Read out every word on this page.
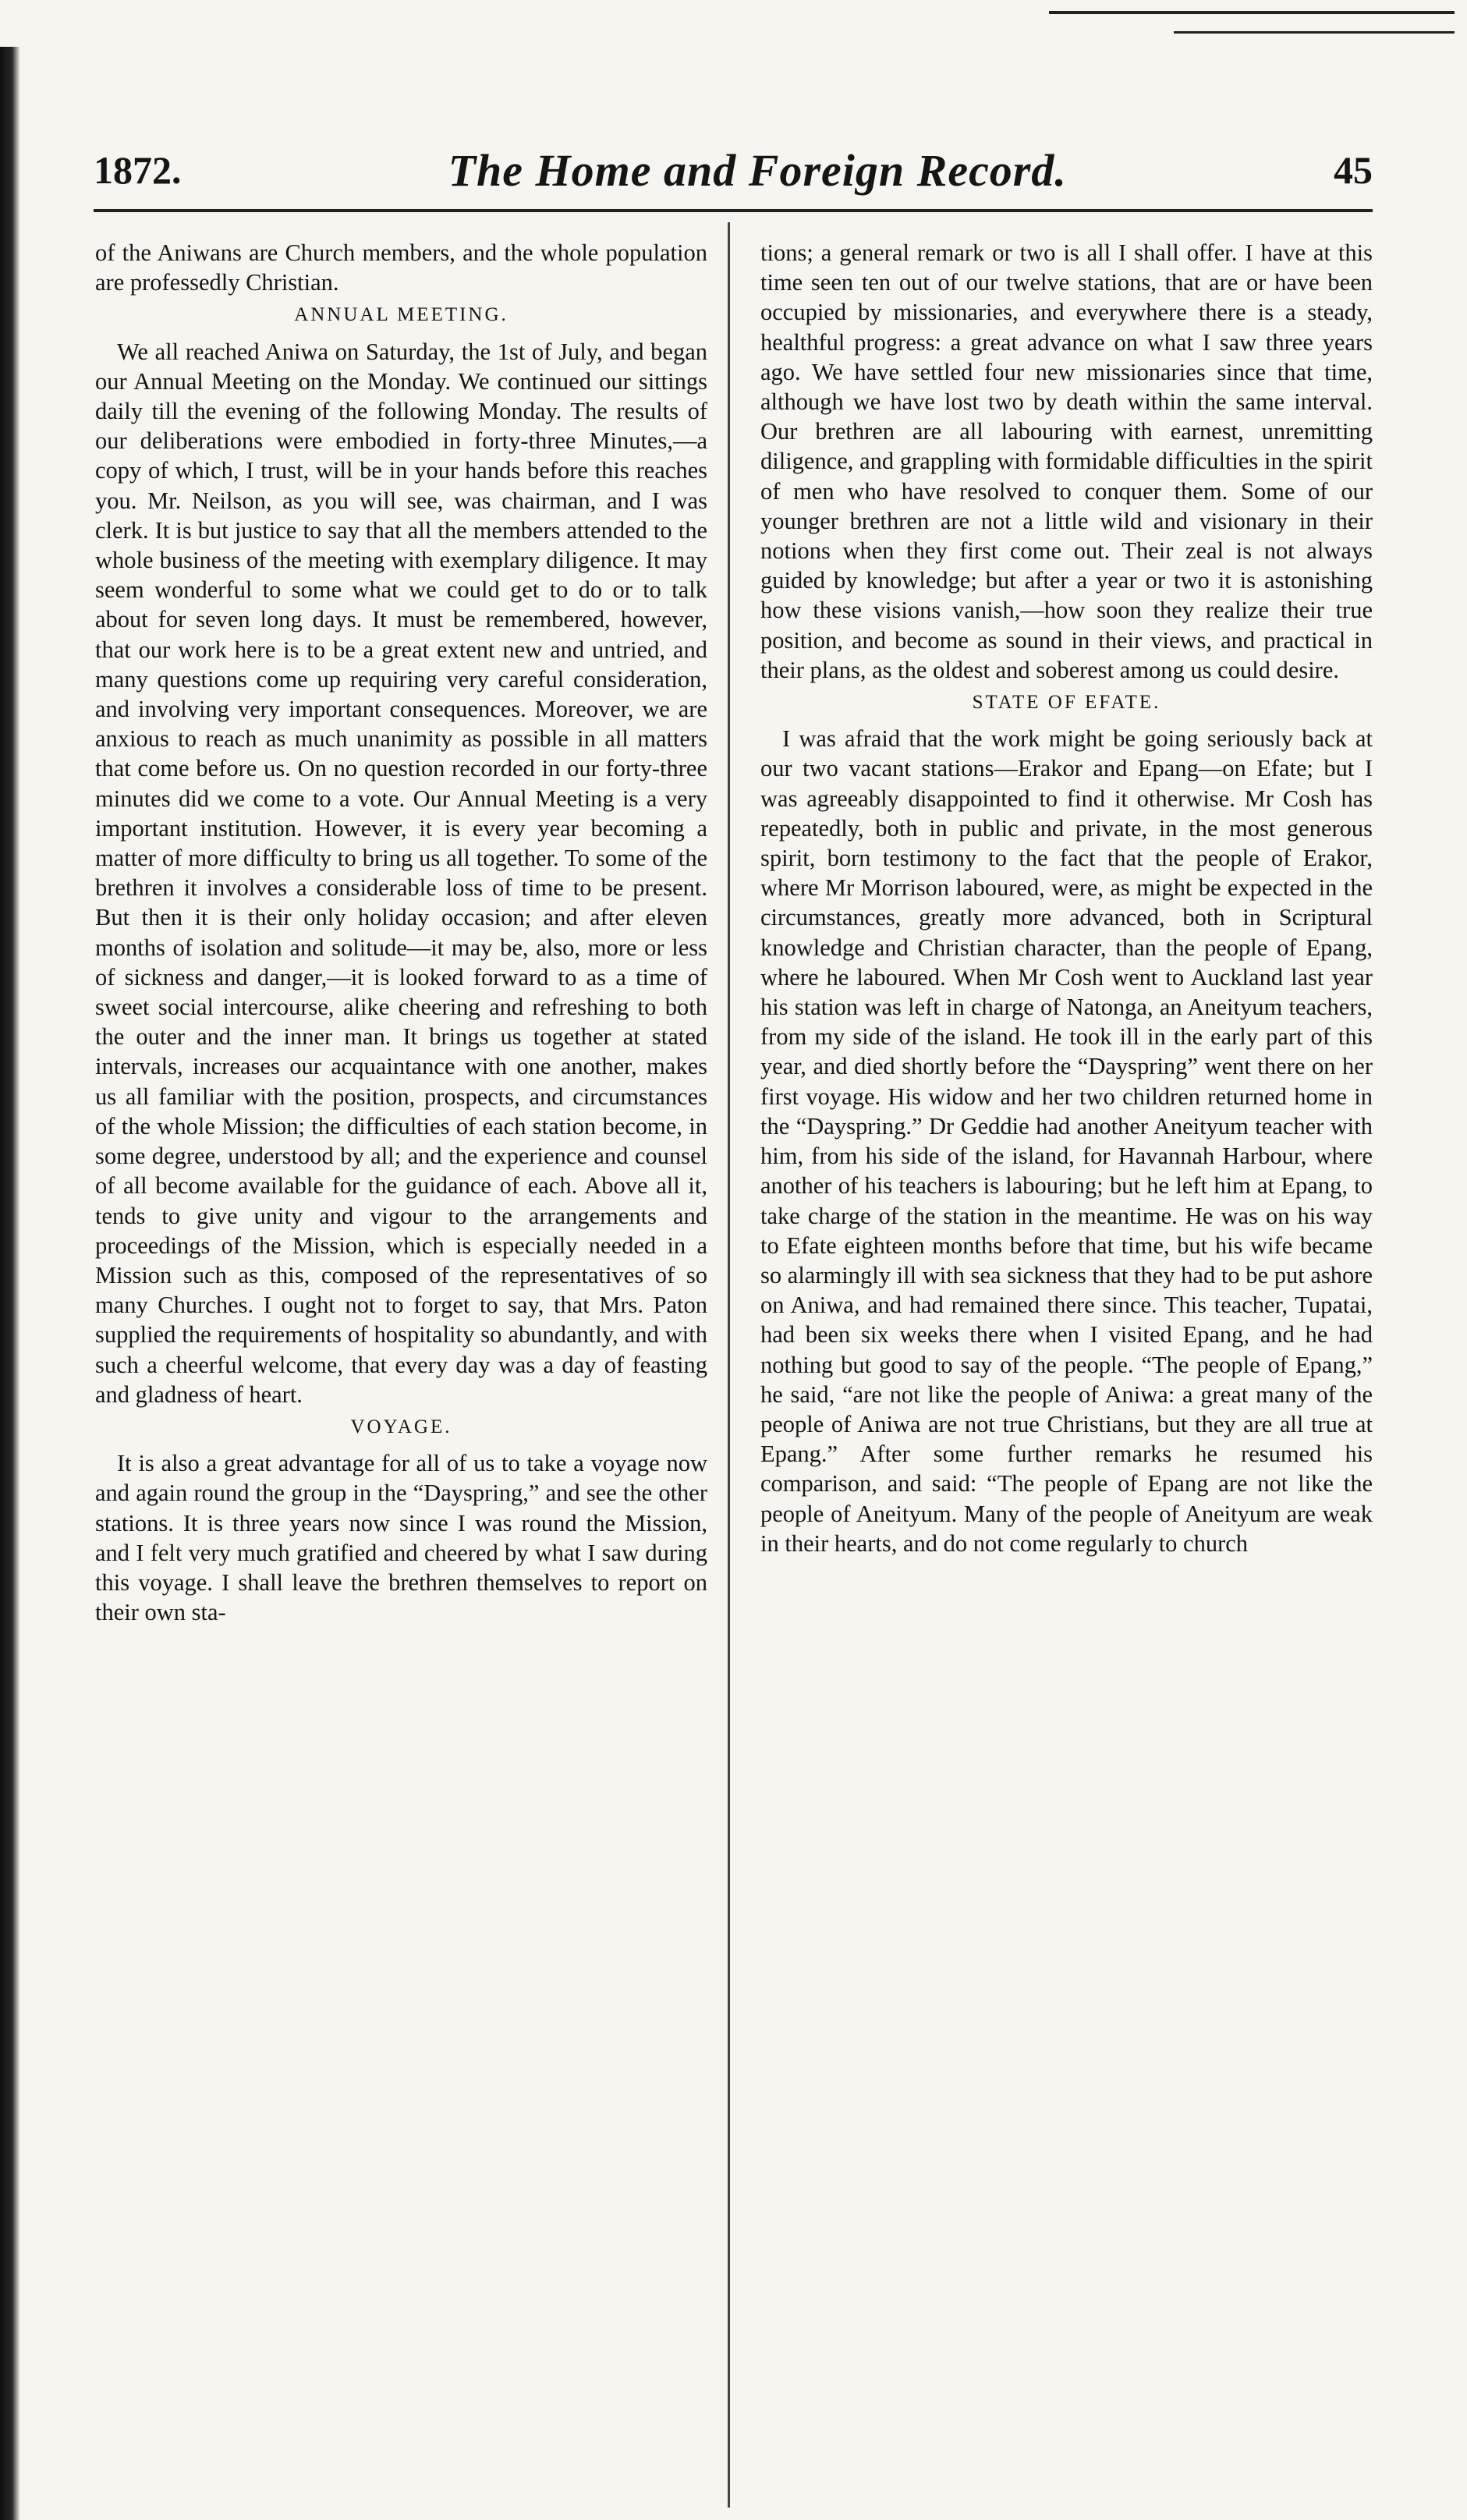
1872.	The Home and Foreign Record.	45

of the Aniwans are Church members, and the whole population are professedly Christian.

ANNUAL MEETING.

We all reached Aniwa on Saturday, the 1st of July, and began our Annual Meeting on the Monday. We continued our sittings daily till the evening of the following Monday. The results of our deliberations were embodied in forty-three Minutes,—a copy of which, I trust, will be in your hands before this reaches you. Mr. Neilson, as you will see, was chairman, and I was clerk. It is but justice to say that all the members attended to the whole business of the meeting with exemplary diligence. It may seem wonderful to some what we could get to do or to talk about for seven long days. It must be remembered, however, that our work here is to be a great extent new and untried, and many questions come up requiring very careful consideration, and involving very important consequences. Moreover, we are anxious to reach as much unanimity as possible in all matters that come before us. On no question recorded in our forty-three minutes did we come to a vote. Our Annual Meeting is a very important institution. However, it is every year becoming a matter of more difficulty to bring us all together. To some of the brethren it involves a considerable loss of time to be present. But then it is their only holiday occasion; and after eleven months of isolation and solitude—it may be, also, more or less of sickness and danger,—it is looked forward to as a time of sweet social intercourse, alike cheering and refreshing to both the outer and the inner man. It brings us together at stated intervals, increases our acquaintance with one another, makes us all familiar with the position, prospects, and circumstances of the whole Mission; the difficulties of each station become, in some degree, understood by all; and the experience and counsel of all become available for the guidance of each. Above all it, tends to give unity and vigour to the arrangements and proceedings of the Mission, which is especially needed in a Mission such as this, composed of the representatives of so many Churches. I ought not to forget to say, that Mrs. Paton supplied the requirements of hospitality so abundantly, and with such a cheerful welcome, that every day was a day of feasting and gladness of heart.

VOYAGE.

It is also a great advantage for all of us to take a voyage now and again round the group in the “Dayspring,” and see the other stations. It is three years now since I was round the Mission, and I felt very much gratified and cheered by what I saw during this voyage. I shall leave the brethren themselves to report on their own sta-

tions; a general remark or two is all I shall offer. I have at this time seen ten out of our twelve stations, that are or have been occupied by missionaries, and everywhere there is a steady, healthful progress: a great advance on what I saw three years ago. We have settled four new missionaries since that time, although we have lost two by death within the same interval. Our brethren are all labouring with earnest, unremitting diligence, and grappling with formidable difficulties in the spirit of men who have resolved to conquer them. Some of our younger brethren are not a little wild and visionary in their notions when they first come out. Their zeal is not always guided by knowledge; but after a year or two it is astonishing how these visions vanish,—how soon they realize their true position, and become as sound in their views, and practical in their plans, as the oldest and soberest among us could desire.

STATE OF EFATE.

I was afraid that the work might be going seriously back at our two vacant stations—Erakor and Epang—on Efate; but I was agreeably disappointed to find it otherwise. Mr Cosh has repeatedly, both in public and private, in the most generous spirit, born testimony to the fact that the people of Erakor, where Mr Morrison laboured, were, as might be expected in the circumstances, greatly more advanced, both in Scriptural knowledge and Christian character, than the people of Epang, where he laboured. When Mr Cosh went to Auckland last year his station was left in charge of Natonga, an Aneityum teachers, from my side of the island. He took ill in the early part of this year, and died shortly before the “Dayspring” went there on her first voyage. His widow and her two children returned home in the “Dayspring.” Dr Geddie had another Aneityum teacher with him, from his side of the island, for Havannah Harbour, where another of his teachers is labouring; but he left him at Epang, to take charge of the station in the meantime. He was on his way to Efate eighteen months before that time, but his wife became so alarmingly ill with sea sickness that they had to be put ashore on Aniwa, and had remained there since. This teacher, Tupatai, had been six weeks there when I visited Epang, and he had nothing but good to say of the people. “The people of Epang,” he said, “are not like the people of Aniwa: a great many of the people of Aniwa are not true Christians, but they are all true at Epang.” After some further remarks he resumed his comparison, and said: “The people of Epang are not like the people of Aneityum. Many of the people of Aneityum are weak in their hearts, and do not come regularly to church
